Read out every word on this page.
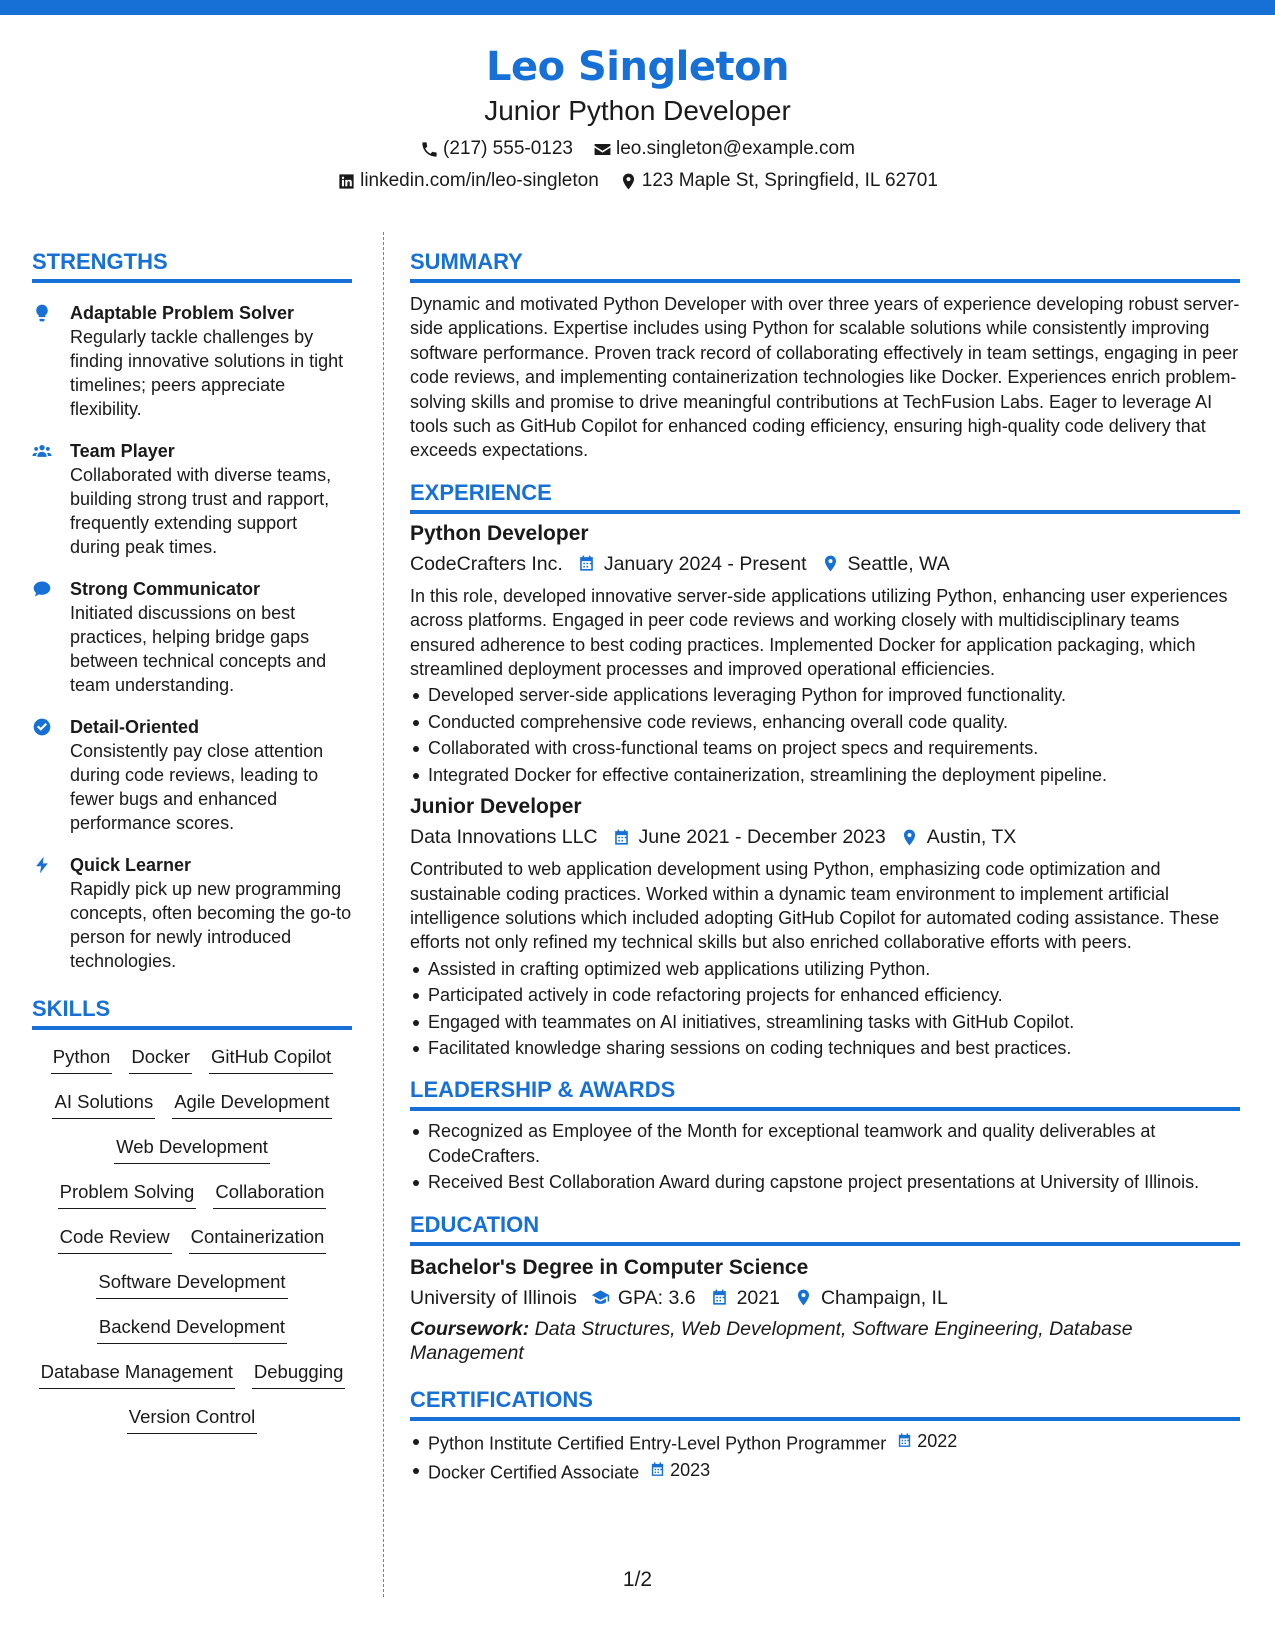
Leo Singleton
Junior Python Developer
(217) 555-0123 leo.singleton@example.com
linkedin.com/in/leo-singleton 123 Maple St, Springfield, IL 62701
STRENGTHS
Adaptable Problem Solver
Regularly tackle challenges by finding innovative solutions in tight timelines; peers appreciate flexibility.
Team Player
Collaborated with diverse teams, building strong trust and rapport, frequently extending support during peak times.
Strong Communicator
Initiated discussions on best practices, helping bridge gaps between technical concepts and team understanding.
Detail-Oriented
Consistently pay close attention during code reviews, leading to fewer bugs and enhanced performance scores.
Quick Learner
Rapidly pick up new programming concepts, often becoming the go-to person for newly introduced technologies.
SKILLS
Python Docker GitHub Copilot
AI Solutions Agile Development
Web Development
Problem Solving Collaboration
Code Review Containerization
Software Development
Backend Development
Database Management Debugging
Version Control
SUMMARY
Dynamic and motivated Python Developer with over three years of experience developing robust server-side applications. Expertise includes using Python for scalable solutions while consistently improving software performance. Proven track record of collaborating effectively in team settings, engaging in peer code reviews, and implementing containerization technologies like Docker. Experiences enrich problem-solving skills and promise to drive meaningful contributions at TechFusion Labs. Eager to leverage AI tools such as GitHub Copilot for enhanced coding efficiency, ensuring high-quality code delivery that exceeds expectations.
EXPERIENCE
Python Developer
CodeCrafters Inc. January 2024 - Present Seattle, WA
In this role, developed innovative server-side applications utilizing Python, enhancing user experiences across platforms. Engaged in peer code reviews and working closely with multidisciplinary teams ensured adherence to best coding practices. Implemented Docker for application packaging, which streamlined deployment processes and improved operational efficiencies.
Developed server-side applications leveraging Python for improved functionality.
Conducted comprehensive code reviews, enhancing overall code quality.
Collaborated with cross-functional teams on project specs and requirements.
Integrated Docker for effective containerization, streamlining the deployment pipeline.
Junior Developer
Data Innovations LLC June 2021 - December 2023 Austin, TX
Contributed to web application development using Python, emphasizing code optimization and sustainable coding practices. Worked within a dynamic team environment to implement artificial intelligence solutions which included adopting GitHub Copilot for automated coding assistance. These efforts not only refined my technical skills but also enriched collaborative efforts with peers.
Assisted in crafting optimized web applications utilizing Python.
Participated actively in code refactoring projects for enhanced efficiency.
Engaged with teammates on AI initiatives, streamlining tasks with GitHub Copilot.
Facilitated knowledge sharing sessions on coding techniques and best practices.
LEADERSHIP & AWARDS
Recognized as Employee of the Month for exceptional teamwork and quality deliverables at CodeCrafters.
Received Best Collaboration Award during capstone project presentations at University of Illinois.
EDUCATION
Bachelor's Degree in Computer Science
University of Illinois GPA: 3.6 2021 Champaign, IL
Coursework: Data Structures, Web Development, Software Engineering, Database Management
CERTIFICATIONS
Python Institute Certified Entry-Level Python Programmer 2022
Docker Certified Associate 2023
1/2
